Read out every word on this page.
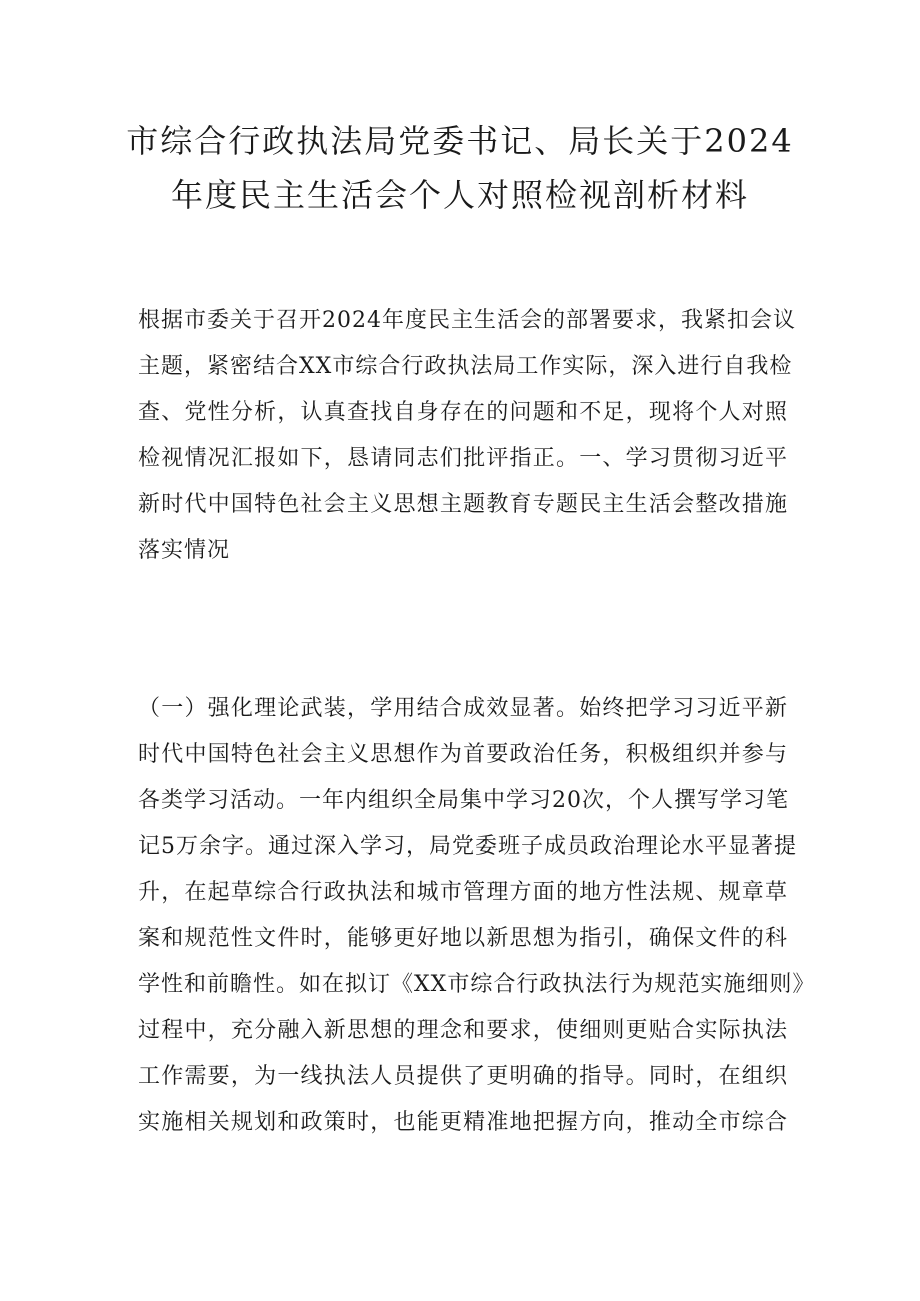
市综合行政执法局党委书记、局长关于2024
年度民主生活会个人对照检视剖析材料
根据市委关于召开2024年度民主生活会的部署要求，我紧扣会议
主题，紧密结合XX市综合行政执法局工作实际，深入进行自我检
查、党性分析，认真查找自身存在的问题和不足，现将个人对照
检视情况汇报如下，恳请同志们批评指正。一、学习贯彻习近平
新时代中国特色社会主义思想主题教育专题民主生活会整改措施
落实情况
（一）强化理论武装，学用结合成效显著。始终把学习习近平新
时代中国特色社会主义思想作为首要政治任务，积极组织并参与
各类学习活动。一年内组织全局集中学习20次，个人撰写学习笔
记5万余字。通过深入学习，局党委班子成员政治理论水平显著提
升，在起草综合行政执法和城市管理方面的地方性法规、规章草
案和规范性文件时，能够更好地以新思想为指引，确保文件的科
学性和前瞻性。如在拟订《XX市综合行政执法行为规范实施细则》
过程中，充分融入新思想的理念和要求，使细则更贴合实际执法
工作需要，为一线执法人员提供了更明确的指导。同时，在组织
实施相关规划和政策时，也能更精准地把握方向，推动全市综合
